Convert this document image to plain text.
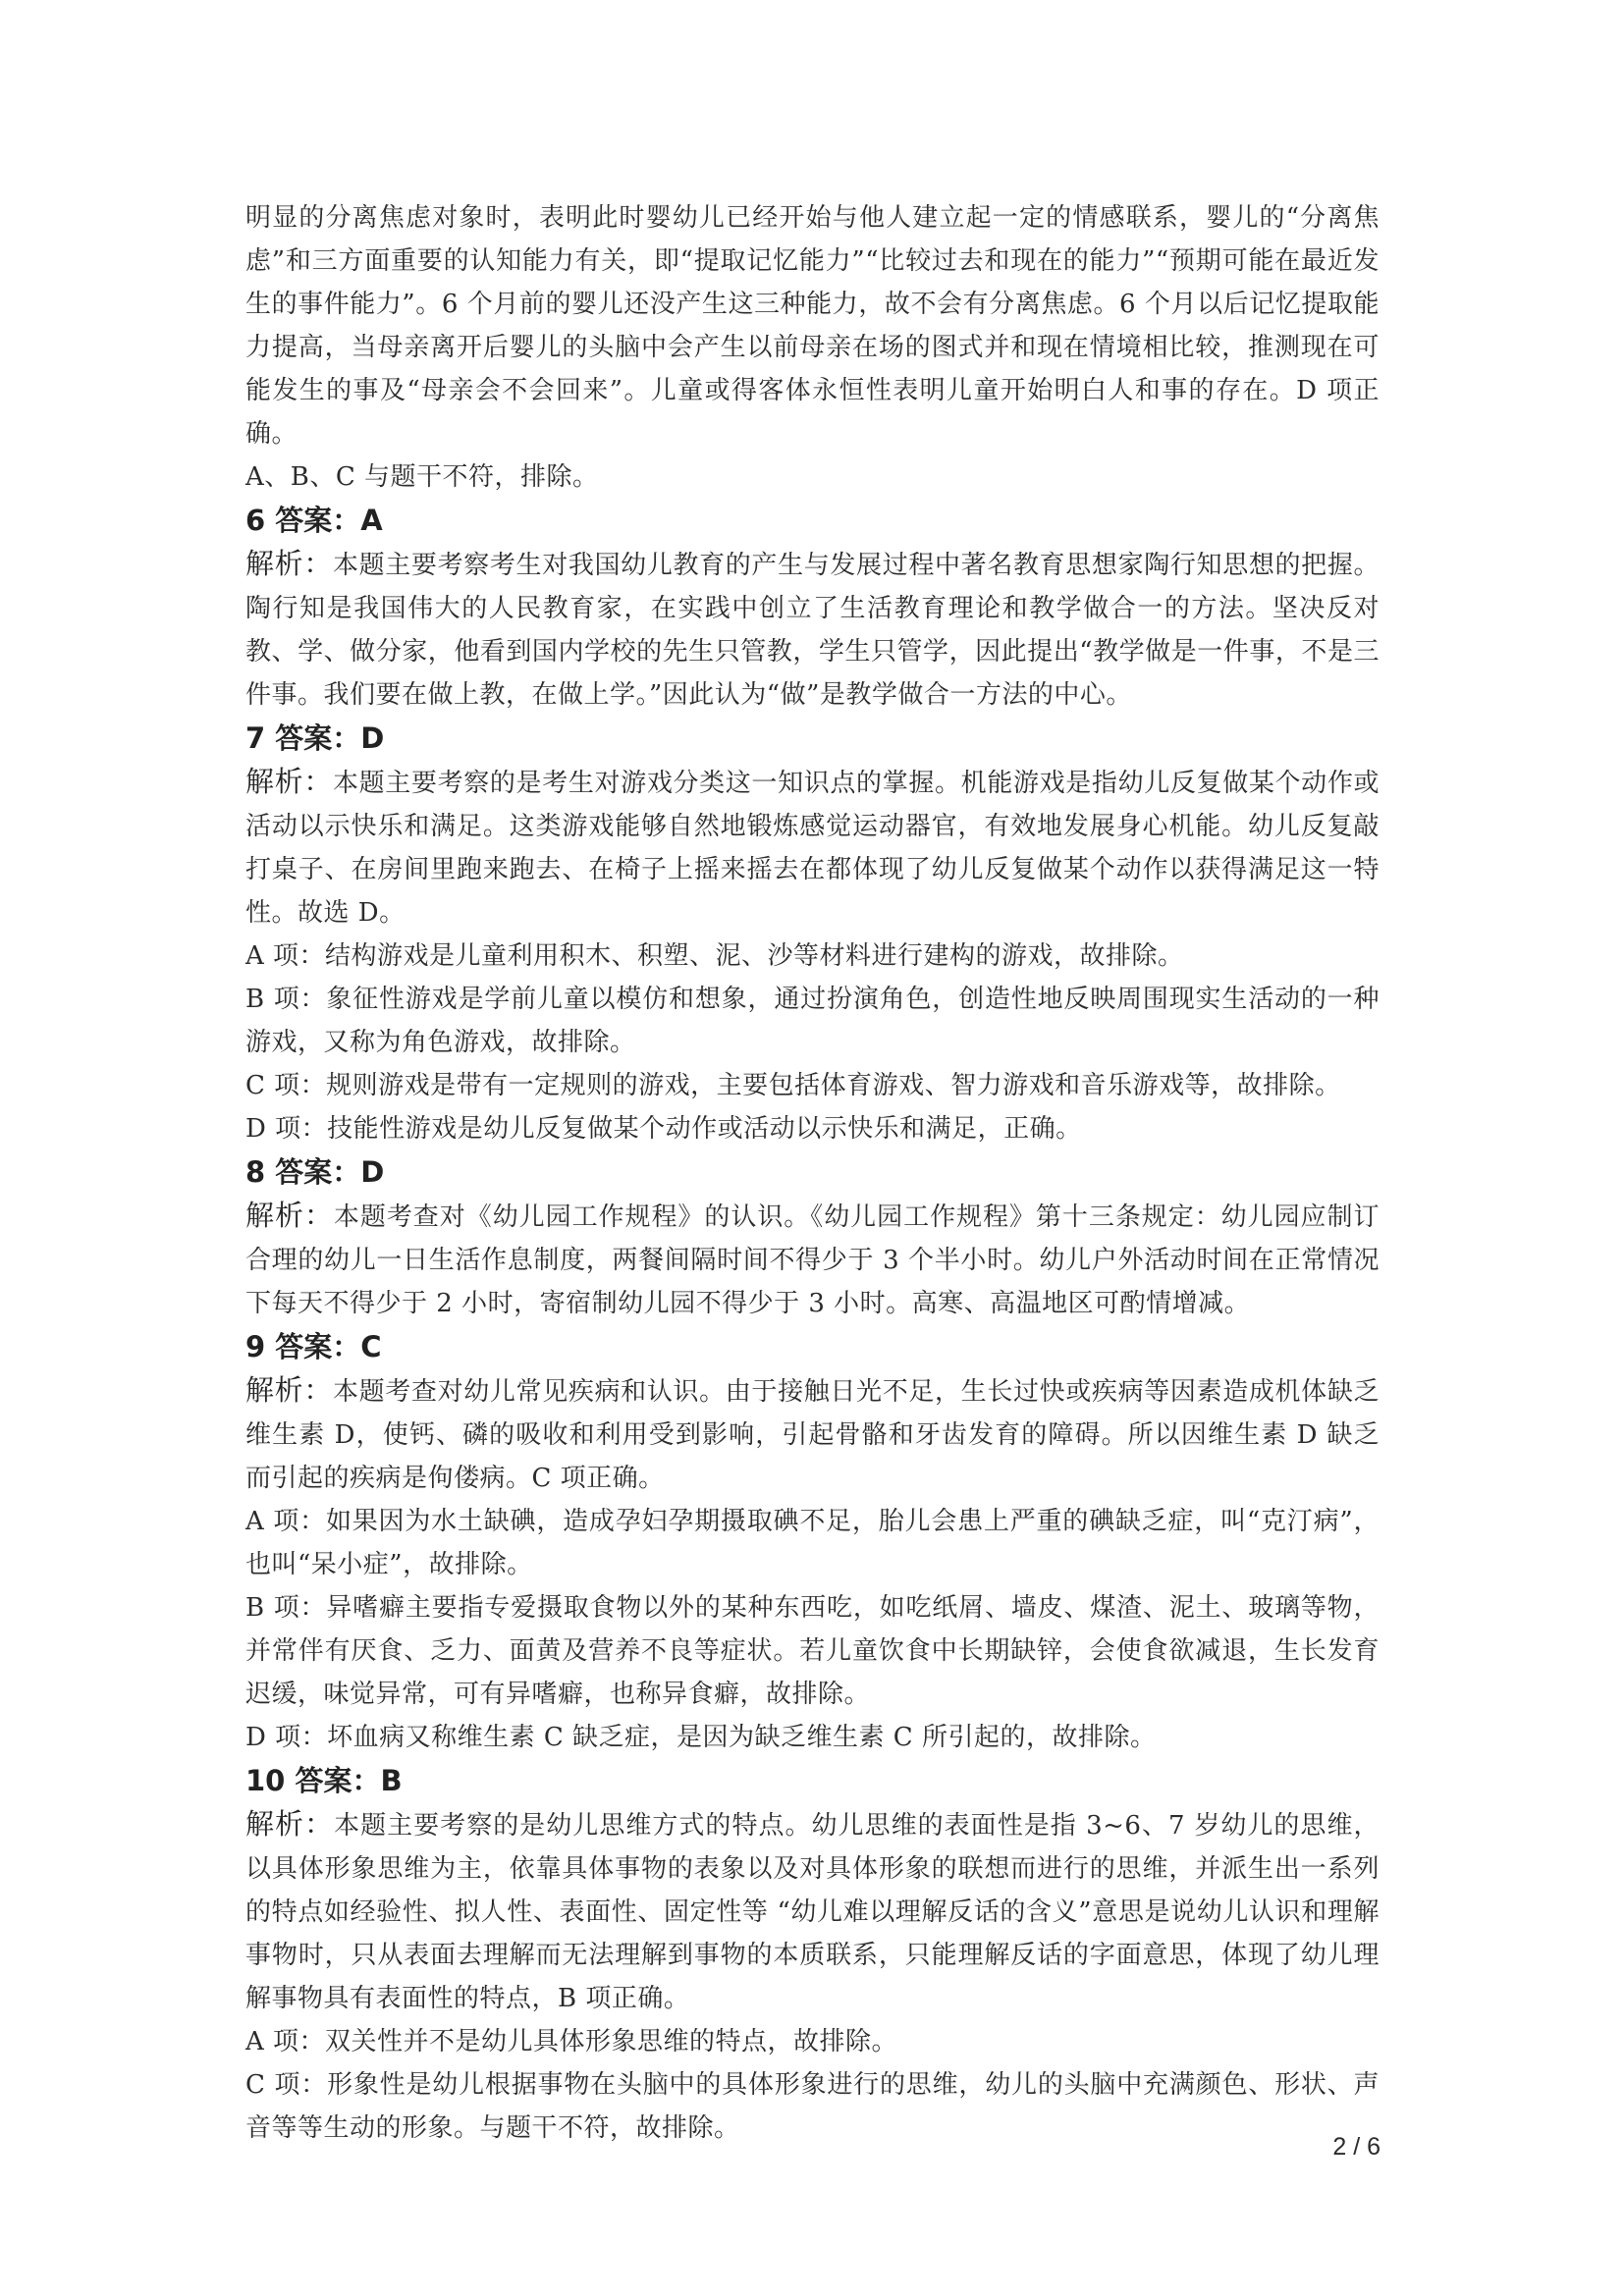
明显的分离焦虑对象时，表明此时婴幼儿已经开始与他人建立起一定的情感联系，婴儿的“分离焦虑”和三方面重要的认知能力有关，即“提取记忆能力”“比较过去和现在的能力”“预期可能在最近发生的事件能力”。6 个月前的婴儿还没产生这三种能力，故不会有分离焦虑。6 个月以后记忆提取能力提高，当母亲离开后婴儿的头脑中会产生以前母亲在场的图式并和现在情境相比较，推测现在可能发生的事及“母亲会不会回来”。儿童或得客体永恒性表明儿童开始明白人和事的存在。D 项正确。

A、B、C 与题干不符，排除。

6 答案：A

解析：本题主要考察考生对我国幼儿教育的产生与发展过程中著名教育思想家陶行知思想的把握。陶行知是我国伟大的人民教育家，在实践中创立了生活教育理论和教学做合一的方法。坚决反对教、学、做分家，他看到国内学校的先生只管教，学生只管学，因此提出“教学做是一件事，不是三件事。我们要在做上教，在做上学。”因此认为“做”是教学做合一方法的中心。

7 答案：D

解析：本题主要考察的是考生对游戏分类这一知识点的掌握。机能游戏是指幼儿反复做某个动作或活动以示快乐和满足。这类游戏能够自然地锻炼感觉运动器官，有效地发展身心机能。幼儿反复敲打桌子、在房间里跑来跑去、在椅子上摇来摇去在都体现了幼儿反复做某个动作以获得满足这一特性。故选 D。

A 项：结构游戏是儿童利用积木、积塑、泥、沙等材料进行建构的游戏，故排除。

B 项：象征性游戏是学前儿童以模仿和想象，通过扮演角色，创造性地反映周围现实生活动的一种游戏，又称为角色游戏，故排除。

C 项：规则游戏是带有一定规则的游戏，主要包括体育游戏、智力游戏和音乐游戏等，故排除。

D 项：技能性游戏是幼儿反复做某个动作或活动以示快乐和满足，正确。

8 答案：D

解析：本题考查对《幼儿园工作规程》的认识。《幼儿园工作规程》第十三条规定：幼儿园应制订合理的幼儿一日生活作息制度，两餐间隔时间不得少于 3 个半小时。幼儿户外活动时间在正常情况下每天不得少于 2 小时，寄宿制幼儿园不得少于 3 小时。高寒、高温地区可酌情增减。

9 答案：C

解析：本题考查对幼儿常见疾病和认识。由于接触日光不足，生长过快或疾病等因素造成机体缺乏维生素 D，使钙、磷的吸收和利用受到影响，引起骨骼和牙齿发育的障碍。所以因维生素 D 缺乏而引起的疾病是佝偻病。C 项正确。

A 项：如果因为水土缺碘，造成孕妇孕期摄取碘不足，胎儿会患上严重的碘缺乏症，叫“克汀病”，也叫“呆小症”，故排除。

B 项：异嗜癖主要指专爱摄取食物以外的某种东西吃，如吃纸屑、墙皮、煤渣、泥土、玻璃等物，并常伴有厌食、乏力、面黄及营养不良等症状。若儿童饮食中长期缺锌，会使食欲减退，生长发育迟缓，味觉异常，可有异嗜癖，也称异食癖，故排除。

D 项：坏血病又称维生素 C 缺乏症，是因为缺乏维生素 C 所引起的，故排除。

10 答案：B

解析：本题主要考察的是幼儿思维方式的特点。幼儿思维的表面性是指 3~6、7 岁幼儿的思维，以具体形象思维为主，依靠具体事物的表象以及对具体形象的联想而进行的思维，并派生出一系列的特点如经验性、拟人性、表面性、固定性等 “幼儿难以理解反话的含义”意思是说幼儿认识和理解事物时，只从表面去理解而无法理解到事物的本质联系，只能理解反话的字面意思，体现了幼儿理解事物具有表面性的特点，B 项正确。

A 项：双关性并不是幼儿具体形象思维的特点，故排除。

C 项：形象性是幼儿根据事物在头脑中的具体形象进行的思维，幼儿的头脑中充满颜色、形状、声音等等生动的形象。与题干不符，故排除。

2 / 6
